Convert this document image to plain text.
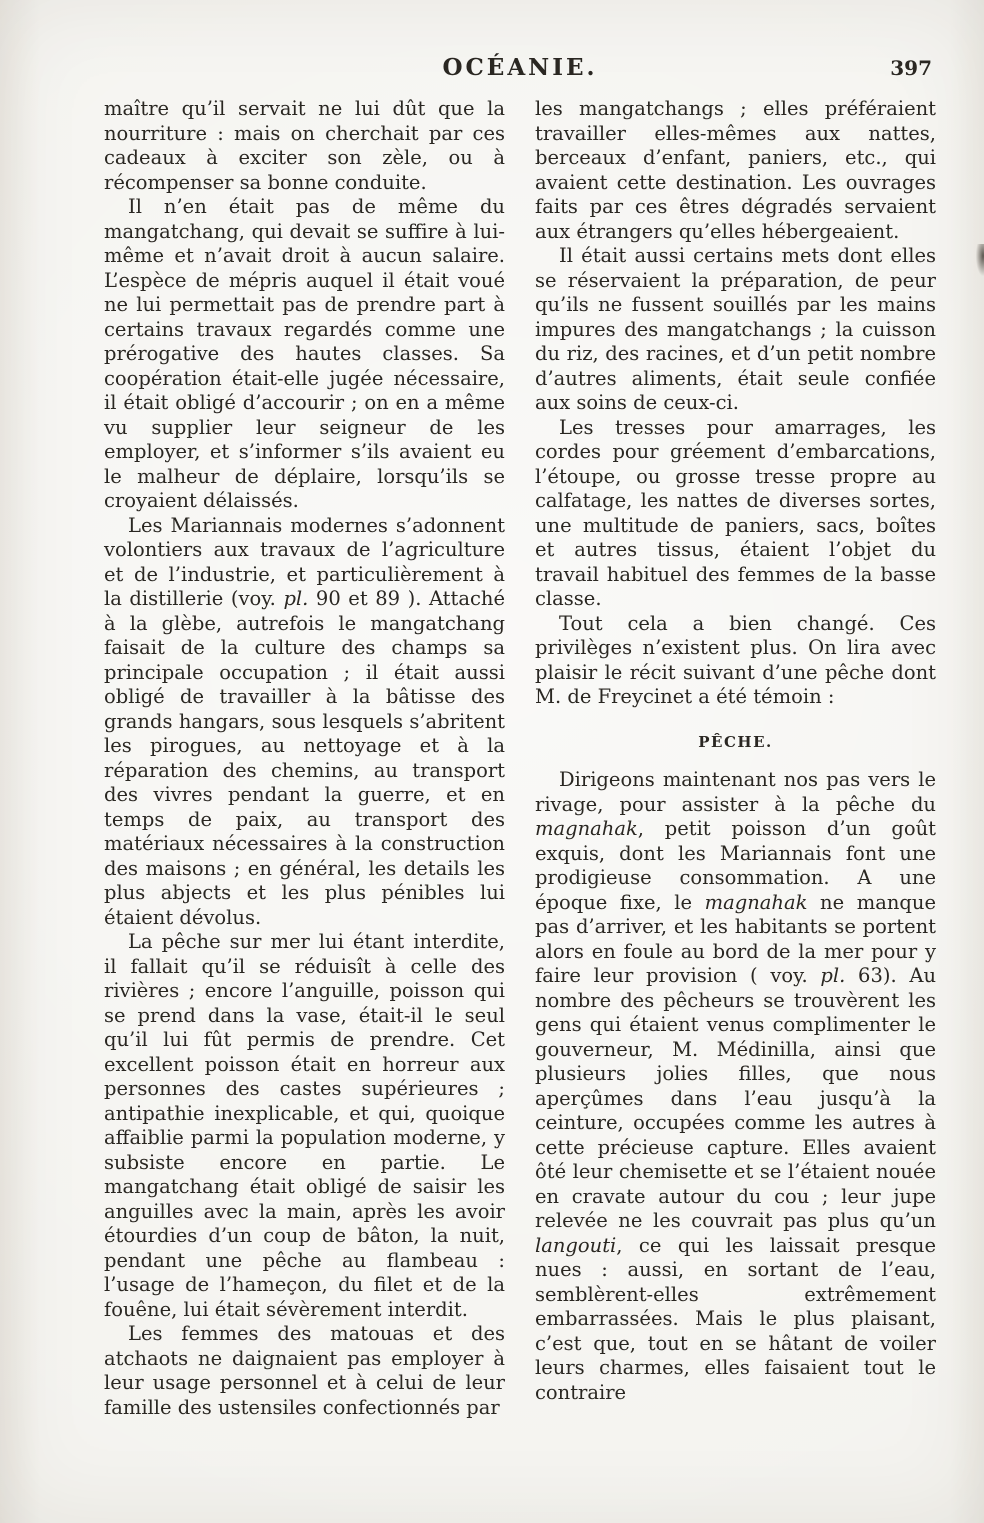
OCÉANIE.	397

maître qu’il servait ne lui dût que la nourriture : mais on cherchait par ces cadeaux à exciter son zèle, ou à récompenser sa bonne conduite.

Il n’en était pas de même du mangatchang, qui devait se suffire à lui-même et n’avait droit à aucun salaire. L’espèce de mépris auquel il était voué ne lui permettait pas de prendre part à certains travaux regardés comme une prérogative des hautes classes. Sa coopération était-elle jugée nécessaire, il était obligé d’accourir ; on en a même vu supplier leur seigneur de les employer, et s’informer s’ils avaient eu le malheur de déplaire, lorsqu’ils se croyaient délaissés.

Les Mariannais modernes s’adonnent volontiers aux travaux de l’agriculture et de l’industrie, et particulièrement à la distillerie (voy. pl. 90 et 89 ). Attaché à la glèbe, autrefois le mangatchang faisait de la culture des champs sa principale occupation ; il était aussi obligé de travailler à la bâtisse des grands hangars, sous lesquels s’abritent les pirogues, au nettoyage et à la réparation des chemins, au transport des vivres pendant la guerre, et en temps de paix, au transport des matériaux nécessaires à la construction des maisons ; en général, les details les plus abjects et les plus pénibles lui étaient dévolus.

La pêche sur mer lui étant interdite, il fallait qu’il se réduisît à celle des rivières ; encore l’anguille, poisson qui se prend dans la vase, était-il le seul qu’il lui fût permis de prendre. Cet excellent poisson était en horreur aux personnes des castes supérieures ; antipathie inexplicable, et qui, quoique affaiblie parmi la population moderne, y subsiste encore en partie. Le mangatchang était obligé de saisir les anguilles avec la main, après les avoir étourdies d’un coup de bâton, la nuit, pendant une pêche au flambeau : l’usage de l’hameçon, du filet et de la fouêne, lui était sévèrement interdit.

Les femmes des matouas et des atchaots ne daignaient pas employer à leur usage personnel et à celui de leur famille des ustensiles confectionnés par

les mangatchangs ; elles préféraient travailler elles-mêmes aux nattes, berceaux d’enfant, paniers, etc., qui avaient cette destination. Les ouvrages faits par ces êtres dégradés servaient aux étrangers qu’elles hébergeaient.

Il était aussi certains mets dont elles se réservaient la préparation, de peur qu’ils ne fussent souillés par les mains impures des mangatchangs ; la cuisson du riz, des racines, et d’un petit nombre d’autres aliments, était seule confiée aux soins de ceux-ci.

Les tresses pour amarrages, les cordes pour gréement d’embarcations, l’étoupe, ou grosse tresse propre au calfatage, les nattes de diverses sortes, une multitude de paniers, sacs, boîtes et autres tissus, étaient l’objet du travail habituel des femmes de la basse classe.

Tout cela a bien changé. Ces privilèges n’existent plus. On lira avec plaisir le récit suivant d’une pêche dont M. de Freycinet a été témoin :

PÊCHE.

Dirigeons maintenant nos pas vers le rivage, pour assister à la pêche du magnahak, petit poisson d’un goût exquis, dont les Mariannais font une prodigieuse consommation. A une époque fixe, le magnahak ne manque pas d’arriver, et les habitants se portent alors en foule au bord de la mer pour y faire leur provision ( voy. pl. 63). Au nombre des pêcheurs se trouvèrent les gens qui étaient venus complimenter le gouverneur, M. Médinilla, ainsi que plusieurs jolies filles, que nous aperçûmes dans l’eau jusqu’à la ceinture, occupées comme les autres à cette précieuse capture. Elles avaient ôté leur chemisette et se l’étaient nouée en cravate autour du cou ; leur jupe relevée ne les couvrait pas plus qu’un langouti, ce qui les laissait presque nues : aussi, en sortant de l’eau, semblèrent-elles extrêmement embarrassées. Mais le plus plaisant, c’est que, tout en se hâtant de voiler leurs charmes, elles faisaient tout le contraire
